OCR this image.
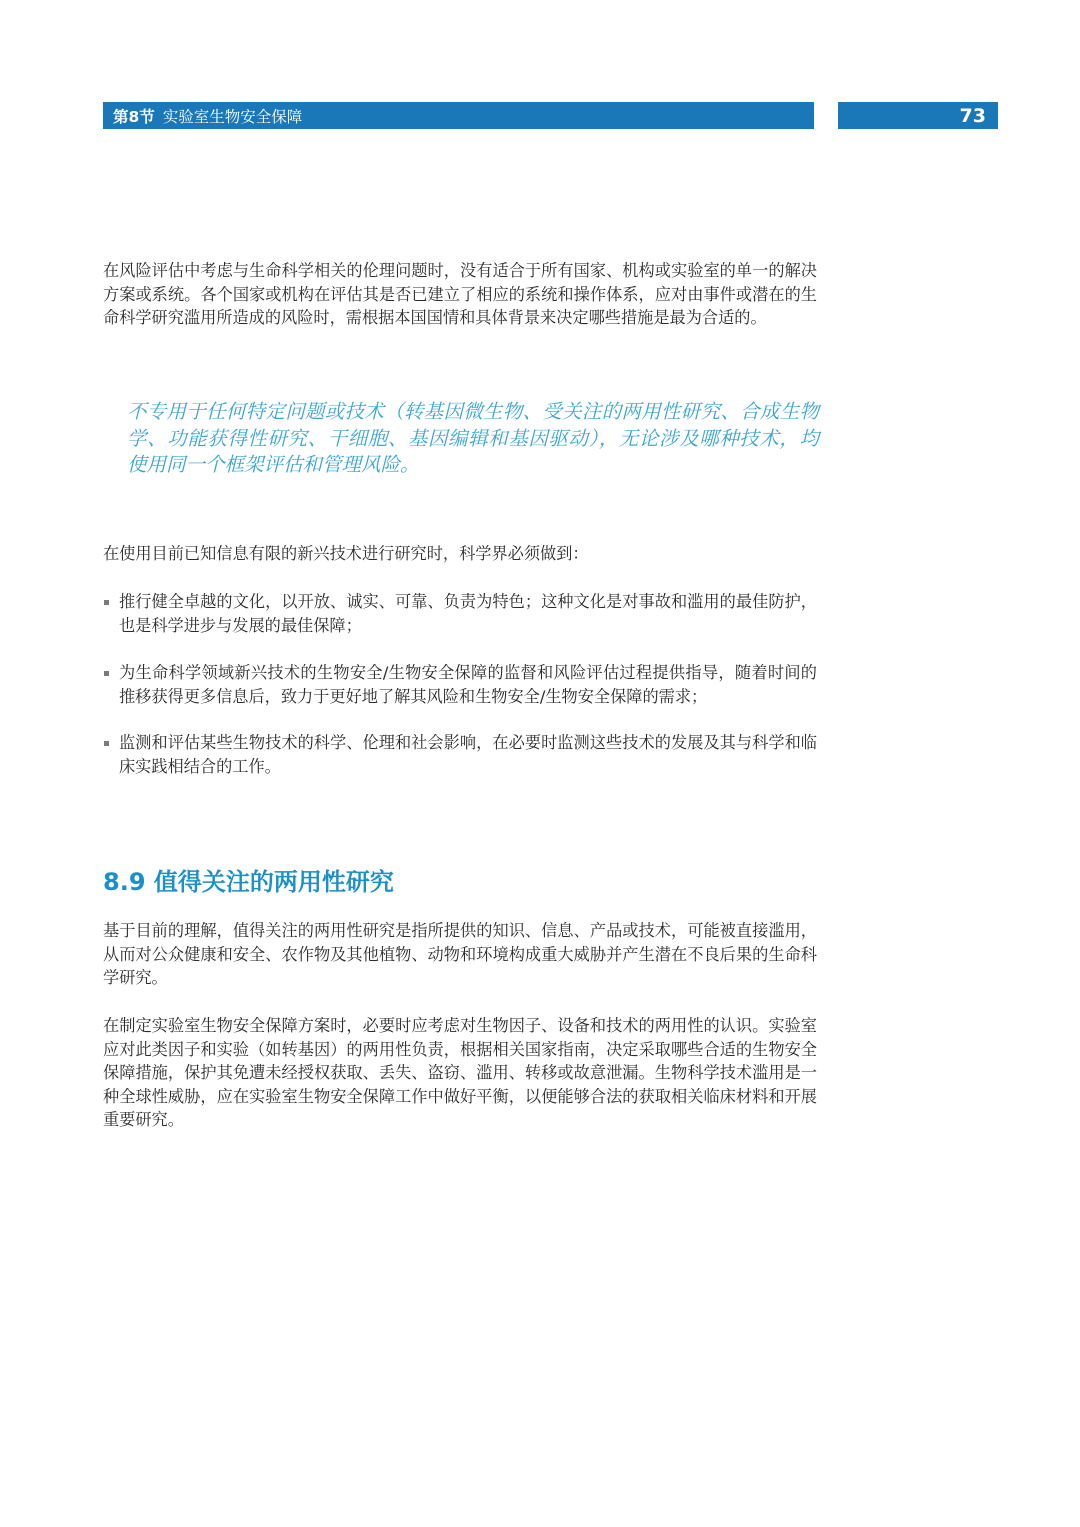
第8节 实验室生物安全保障	73

在风险评估中考虑与生命科学相关的伦理问题时，没有适合于所有国家、机构或实验室的单一的解决方案或系统。各个国家或机构在评估其是否已建立了相应的系统和操作体系，应对由事件或潜在的生命科学研究滥用所造成的风险时，需根据本国国情和具体背景来决定哪些措施是最为合适的。

不专用于任何特定问题或技术（转基因微生物、受关注的两用性研究、合成生物学、功能获得性研究、干细胞、基因编辑和基因驱动），无论涉及哪种技术，均使用同一个框架评估和管理风险。

在使用目前已知信息有限的新兴技术进行研究时，科学界必须做到：

推行健全卓越的文化，以开放、诚实、可靠、负责为特色；这种文化是对事故和滥用的最佳防护，也是科学进步与发展的最佳保障；
为生命科学领域新兴技术的生物安全/生物安全保障的监督和风险评估过程提供指导，随着时间的推移获得更多信息后，致力于更好地了解其风险和生物安全/生物安全保障的需求；
监测和评估某些生物技术的科学、伦理和社会影响，在必要时监测这些技术的发展及其与科学和临床实践相结合的工作。
8.9 值得关注的两用性研究

基于目前的理解，值得关注的两用性研究是指所提供的知识、信息、产品或技术，可能被直接滥用，从而对公众健康和安全、农作物及其他植物、动物和环境构成重大威胁并产生潜在不良后果的生命科学研究。

在制定实验室生物安全保障方案时，必要时应考虑对生物因子、设备和技术的两用性的认识。实验室应对此类因子和实验（如转基因）的两用性负责，根据相关国家指南，决定采取哪些合适的生物安全保障措施，保护其免遭未经授权获取、丢失、盗窃、滥用、转移或故意泄漏。生物科学技术滥用是一种全球性威胁，应在实验室生物安全保障工作中做好平衡，以便能够合法的获取相关临床材料和开展重要研究。
